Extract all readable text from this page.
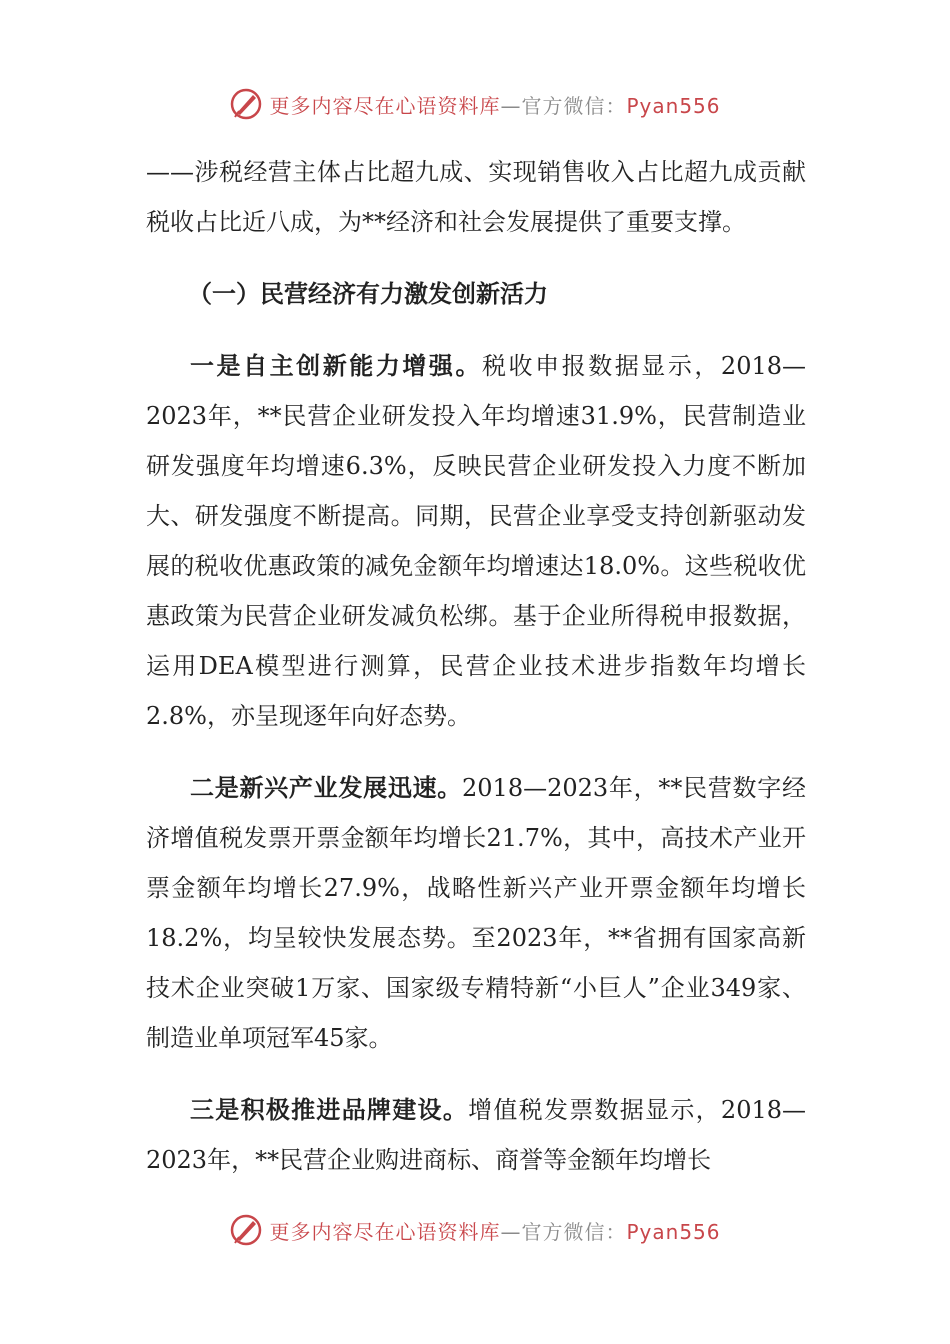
更多内容尽在心语资料库—官方微信：Pyan556

——涉税经营主体占比超九成、实现销售收入占比超九成贡献税收占比近八成，为**经济和社会发展提供了重要支撑。

（一）民营经济有力激发创新活力

一是自主创新能力增强。税收申报数据显示，2018—2023年，**民营企业研发投入年均增速31.9%，民营制造业研发强度年均增速6.3%，反映民营企业研发投入力度不断加大、研发强度不断提高。同期，民营企业享受支持创新驱动发展的税收优惠政策的减免金额年均增速达18.0%。这些税收优惠政策为民营企业研发减负松绑。基于企业所得税申报数据，运用DEA模型进行测算，民营企业技术进步指数年均增长2.8%，亦呈现逐年向好态势。

二是新兴产业发展迅速。2018—2023年，**民营数字经济增值税发票开票金额年均增长21.7%，其中，高技术产业开票金额年均增长27.9%，战略性新兴产业开票金额年均增长18.2%，均呈较快发展态势。至2023年，**省拥有国家高新技术企业突破1万家、国家级专精特新“小巨人”企业349家、制造业单项冠军45家。

三是积极推进品牌建设。增值税发票数据显示，2018—2023年，**民营企业购进商标、商誉等金额年均增长

更多内容尽在心语资料库—官方微信：Pyan556
